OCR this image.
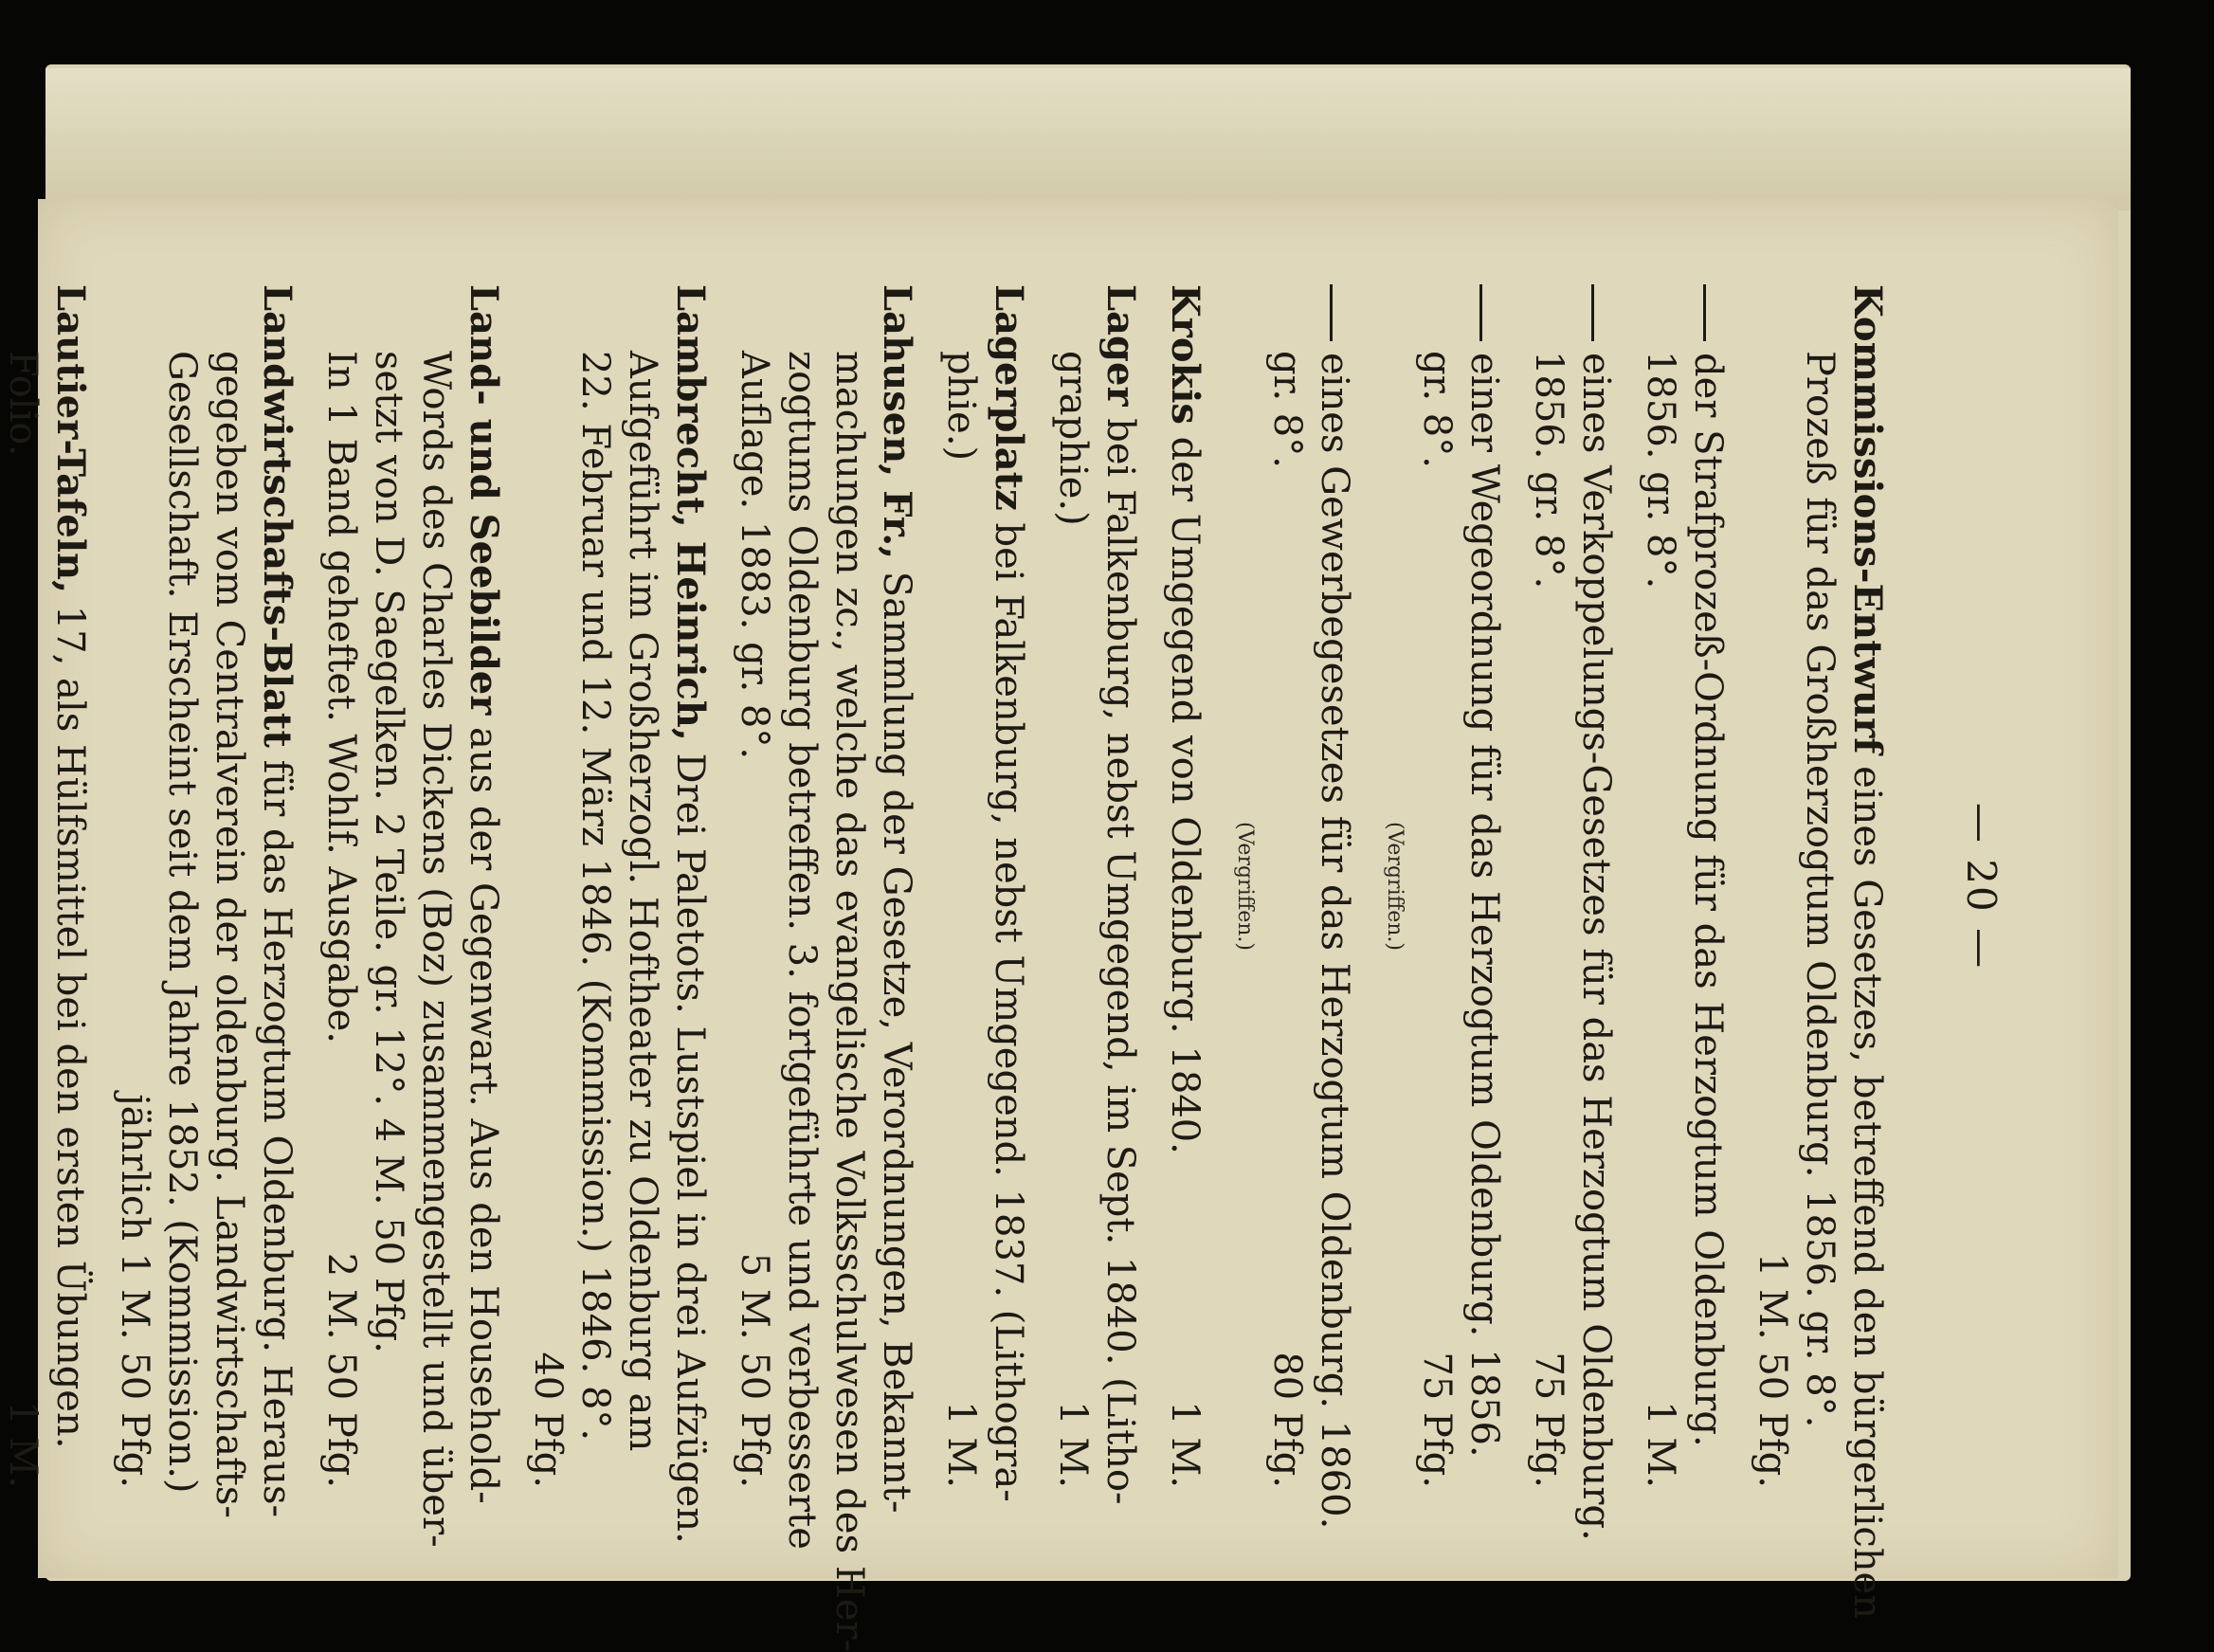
— 20 —
Kommissions-Entwurf eines Gesetzes, betreffend den bürgerlichen
Prozeß für das Großherzogtum Oldenburg. 1856. gr. 8°.
1 M. 50 Pfg.
der Strafprozeß-Ordnung für das Herzogtum Oldenburg.
1856. gr. 8°.
1 M.
eines Verkoppelungs-Gesetzes für das Herzogtum Oldenburg.
1856. gr. 8°.
75 Pfg.
einer Wegeordnung für das Herzogtum Oldenburg. 1856.
gr. 8°.
75 Pfg.
(Vergriffen.)
eines Gewerbegesetzes für das Herzogtum Oldenburg. 1860.
gr. 8°.
80 Pfg.
(Vergriffen.)
Krokis der Umgegend von Oldenburg. 1840.
1 M.
Lager bei Falkenburg, nebst Umgegend, im Sept. 1840. (Litho-
graphie.)
1 M.
Lagerplatz bei Falkenburg, nebst Umgegend. 1837. (Lithogra-
phie.)
1 M.
Lahusen, Fr., Sammlung der Gesetze, Verordnungen, Bekannt-
machungen zc., welche das evangelische Volksschulwesen des Her-
zogtums Oldenburg betreffen. 3. fortgeführte und verbesserte
Auflage. 1883. gr. 8°.
5 M. 50 Pfg.
Lambrecht, Heinrich, Drei Paletots. Lustspiel in drei Aufzügen.
Aufgeführt im Großherzogl. Hoftheater zu Oldenburg am
22. Februar und 12. März 1846. (Kommission.) 1846. 8°.
40 Pfg.
Land- und Seebilder aus der Gegenwart. Aus den Household-
Words des Charles Dickens (Boz) zusammengestellt und über-
setzt von D. Saegelken. 2 Teile. gr. 12°. 4 M. 50 Pfg.
In 1 Band geheftet. Wohlf. Ausgabe.
2 M. 50 Pfg.
Landwirtschafts-Blatt für das Herzogtum Oldenburg. Heraus-
gegeben vom Centralverein der oldenburg. Landwirtschafts-
Gesellschaft. Erscheint seit dem Jahre 1852. (Kommission.)
jährlich 1 M. 50 Pfg.
Lautier-Tafeln, 17, als Hülfsmittel bei den ersten Übungen.
Folio.
1 M.
